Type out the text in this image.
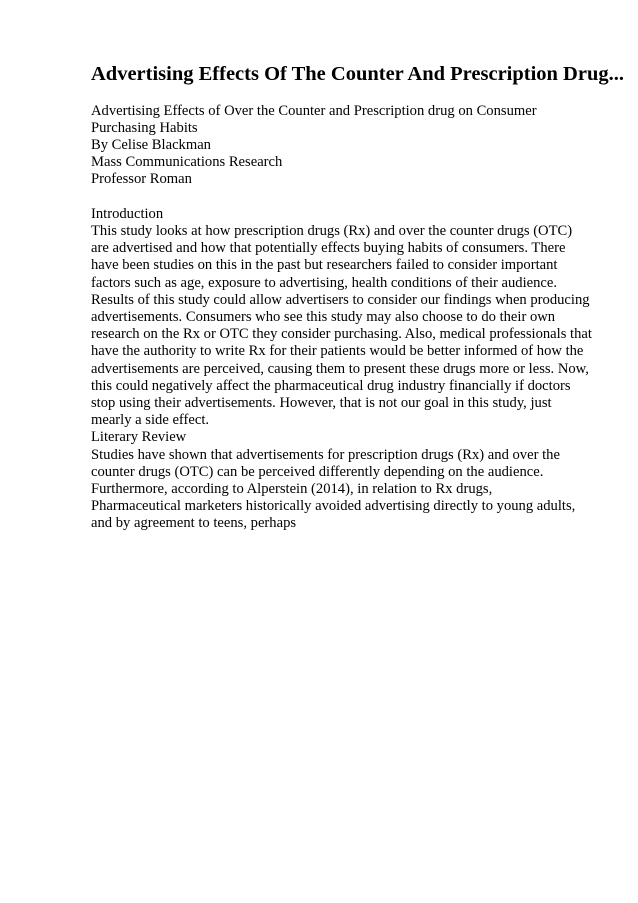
Advertising Effects Of The Counter And Prescription Drug...
Advertising Effects of Over the Counter and Prescription drug on Consumer
Purchasing Habits
By Celise Blackman
Mass Communications Research
Professor Roman
Introduction
This study looks at how prescription drugs (Rx) and over the counter drugs (OTC)
are advertised and how that potentially effects buying habits of consumers. There
have been studies on this in the past but researchers failed to consider important
factors such as age, exposure to advertising, health conditions of their audience.
Results of this study could allow advertisers to consider our findings when producing
advertisements. Consumers who see this study may also choose to do their own
research on the Rx or OTC they consider purchasing. Also, medical professionals that
have the authority to write Rx for their patients would be better informed of how the
advertisements are perceived, causing them to present these drugs more or less. Now,
this could negatively affect the pharmaceutical drug industry financially if doctors
stop using their advertisements. However, that is not our goal in this study, just
mearly a side effect.
Literary Review
Studies have shown that advertisements for prescription drugs (Rx) and over the
counter drugs (OTC) can be perceived differently depending on the audience.
Furthermore, according to Alperstein (2014), in relation to Rx drugs,
Pharmaceutical marketers historically avoided advertising directly to young adults,
and by agreement to teens, perhaps
